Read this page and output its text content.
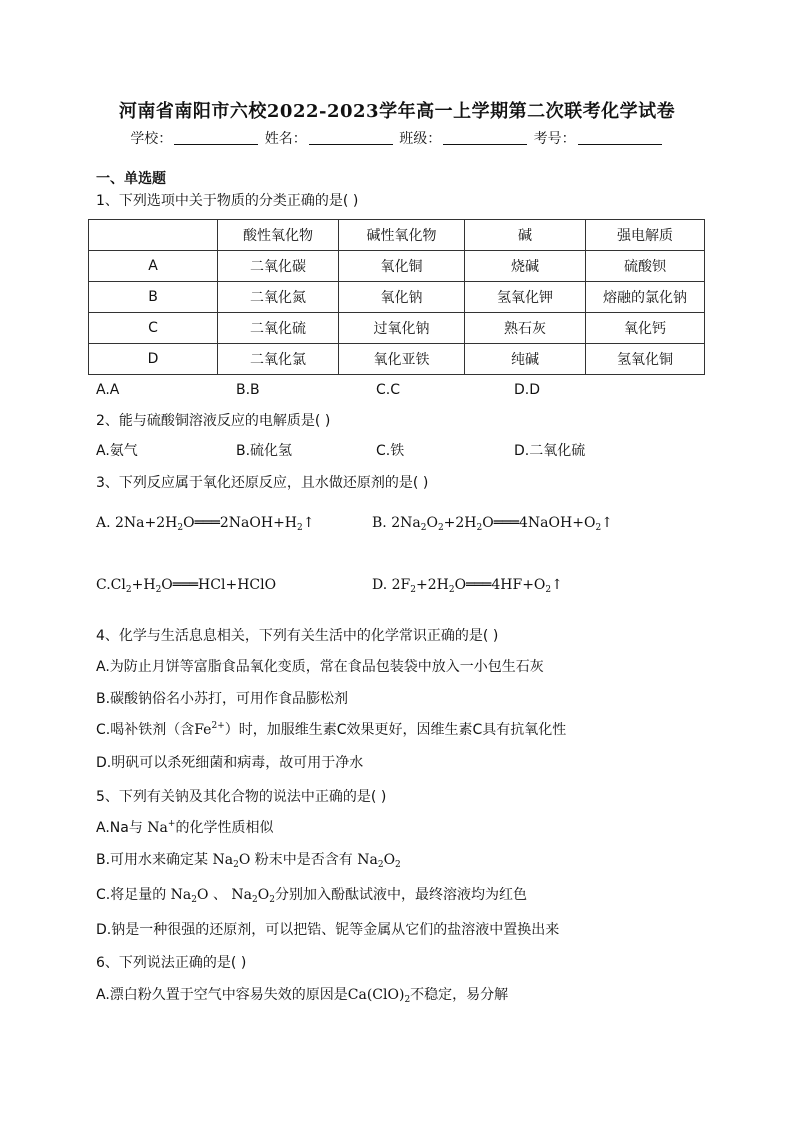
河南省南阳市六校2022-2023学年高一上学期第二次联考化学试卷
学校：	姓名：	班级：	考号：
一、单选题
1、下列选项中关于物质的分类正确的是( )
	酸性氧化物	碱性氧化物	碱	强电解质
A	二氧化碳	氧化铜	烧碱	硫酸钡
B	二氧化氮	氧化钠	氢氧化钾	熔融的氯化钠
C	二氧化硫	过氧化钠	熟石灰	氧化钙
D	二氧化氯	氧化亚铁	纯碱	氢氧化铜
A.A	B.B	C.C	D.D
2、能与硫酸铜溶液反应的电解质是( )
A.氨气	B.硫化氢	C.铁	D.二氧化硫
3、下列反应属于氧化还原反应，且水做还原剂的是( )
A. $2Na+2H_2O═══2NaOH+H_2↑$	B. $2Na_2O_2+2H_2O═══4NaOH+O_2↑$
$C.Cl_2+H_2O═══HCl+HClO$	D. $2F_2+2H_2O═══4HF+O_2↑$
4、化学与生活息息相关，下列有关生活中的化学常识正确的是( )
A.为防止月饼等富脂食品氧化变质，常在食品包装袋中放入一小包生石灰
B.碳酸钠俗名小苏打，可用作食品膨松剂
C.喝补铁剂（含$Fe^{2+}$）时，加服维生素C效果更好，因维生素C具有抗氧化性
D.明矾可以杀死细菌和病毒，故可用于净水
5、下列有关钠及其化合物的说法中正确的是( )
A.Na与 Na+的化学性质相似
B.可用水来确定某 $Na_2O$ 粉末中是否含有 $Na_2O_2$
C.将足量的 $Na_2O$ 、 $Na_2O_2$分别加入酚酞试液中，最终溶液均为红色
D.钠是一种很强的还原剂，可以把锆、铌等金属从它们的盐溶液中置换出来
6、下列说法正确的是( )
A.漂白粉久置于空气中容易失效的原因是$Ca(ClO)_2$不稳定，易分解
